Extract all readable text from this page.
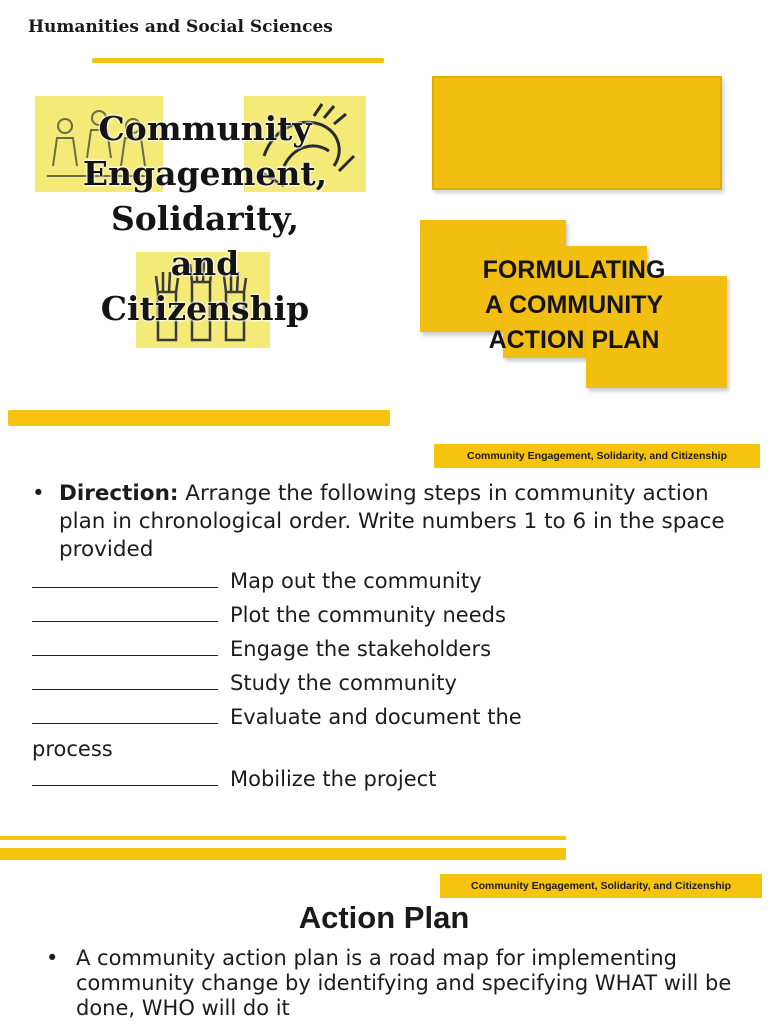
Humanities and Social Sciences
Community
Engagement,
Solidarity,
and
Citizenship
FORMULATING
A COMMUNITY
ACTION PLAN
Community Engagement, Solidarity, and Citizenship
• Direction: Arrange the following steps in community action plan in chronological order. Write numbers 1 to 6 in the space provided
Map out the community
Plot the community needs
Engage the stakeholders
Study the community
Evaluate and document the
process
Mobilize the project
Community Engagement, Solidarity, and Citizenship
Action Plan
• A community action plan is a road map for implementing community change by identifying and specifying WHAT will be done, WHO will do it
